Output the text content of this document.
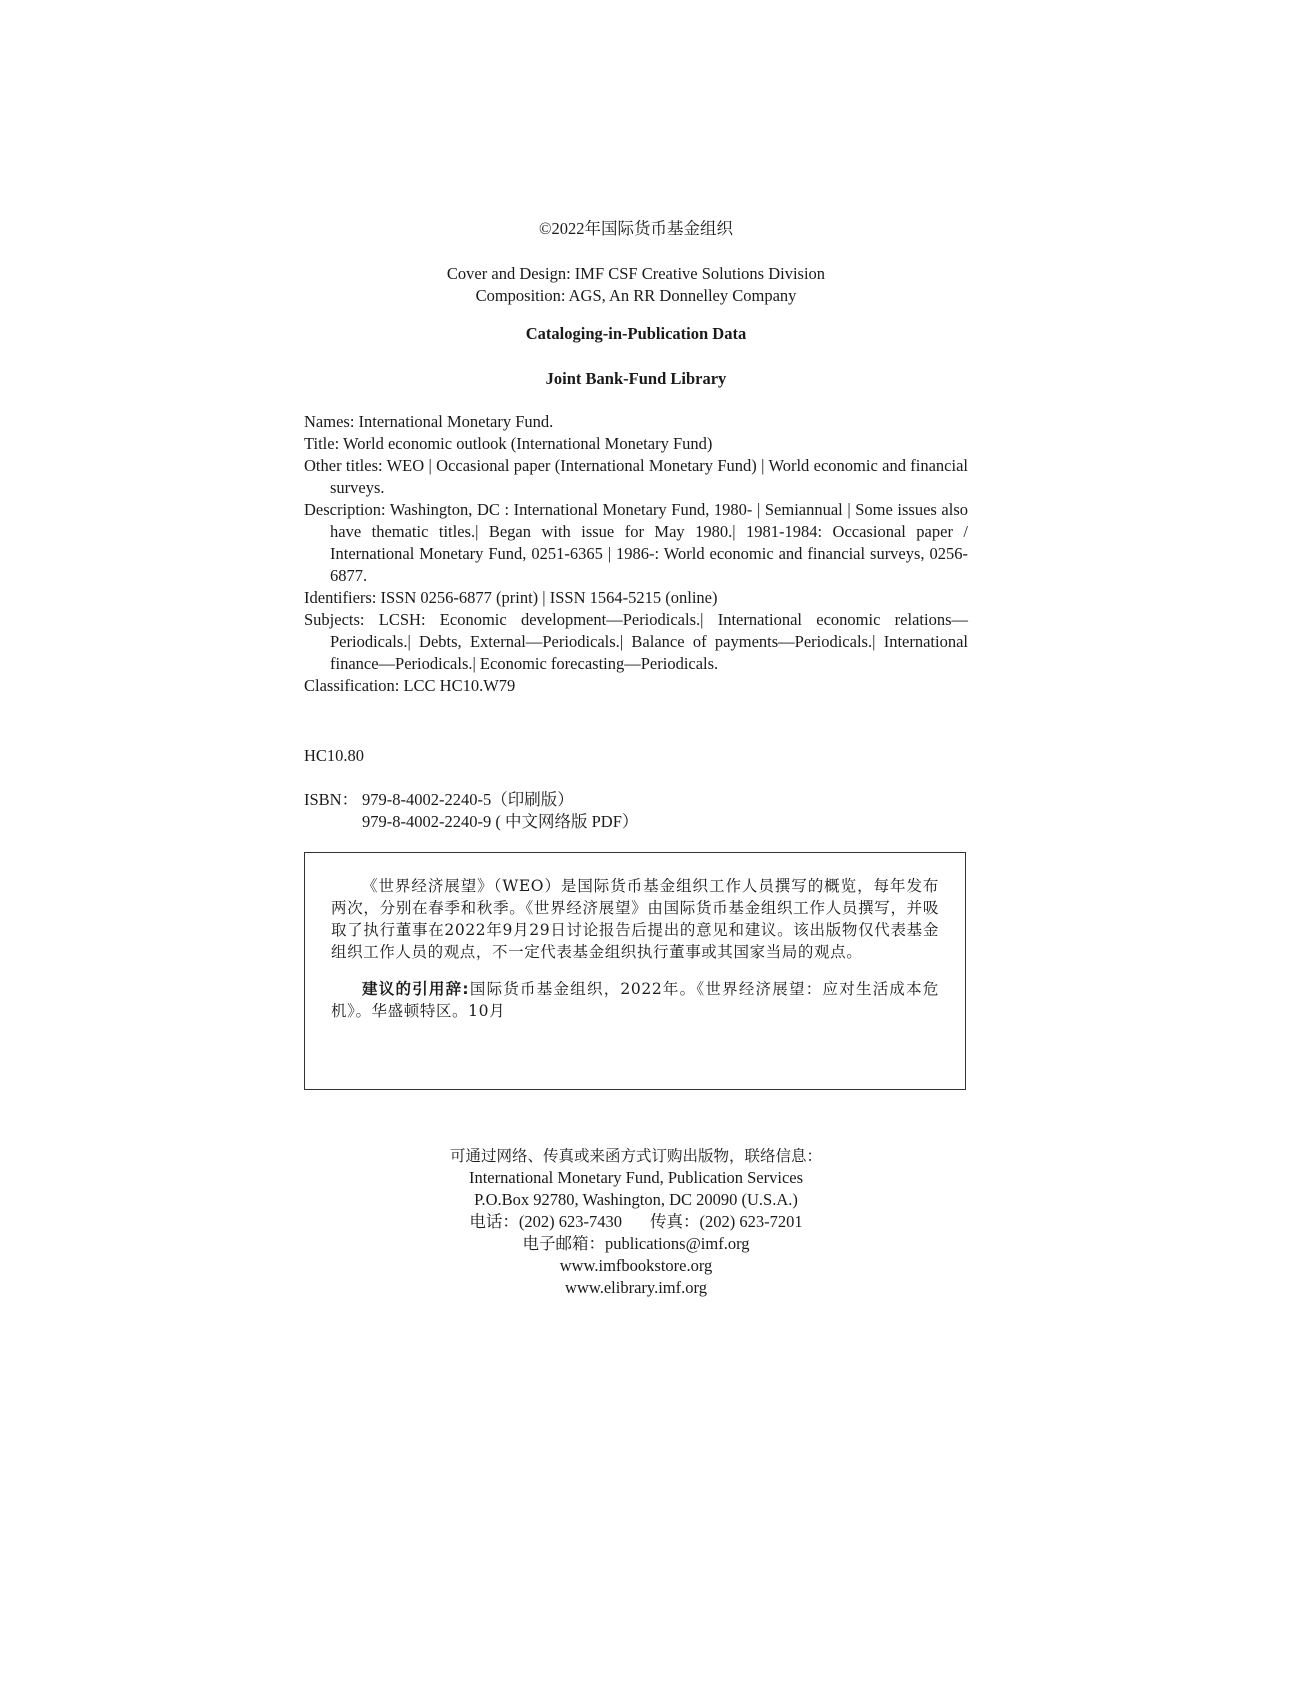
©2022年国际货币基金组织
Cover and Design: IMF CSF Creative Solutions Division
Composition: AGS, An RR Donnelley Company
Cataloging-in-Publication Data
Joint Bank-Fund Library
Names: International Monetary Fund.
Title: World economic outlook (International Monetary Fund)
Other titles: WEO | Occasional paper (International Monetary Fund) | World economic and financial surveys.
Description: Washington, DC : International Monetary Fund, 1980- | Semiannual | Some issues also have thematic titles.| Began with issue for May 1980.| 1981-1984: Occasional paper / International Monetary Fund, 0251-6365 | 1986-: World economic and financial surveys, 0256-6877.
Identifiers: ISSN 0256-6877 (print) | ISSN 1564-5215 (online)
Subjects: LCSH: Economic development—Periodicals.| International economic relations—Periodicals.| Debts, External—Periodicals.| Balance of payments—Periodicals.| International finance—Periodicals.| Economic forecasting—Periodicals.
Classification: LCC HC10.W79
HC10.80
ISBN： 979-8-4002-2240-5（印刷版）
979-8-4002-2240-9 ( 中文网络版 PDF）

《世界经济展望》（WEO）是国际货币基金组织工作人员撰写的概览，每年发布两次，分别在春季和秋季。《世界经济展望》由国际货币基金组织工作人员撰写，并吸取了执行董事在2022年9月29日讨论报告后提出的意见和建议。该出版物仅代表基金组织工作人员的观点，不一定代表基金组织执行董事或其国家当局的观点。

建议的引用辞:国际货币基金组织，2022年。《世界经济展望：应对生活成本危机》。华盛顿特区。10月

可通过网络、传真或来函方式订购出版物，联络信息：
International Monetary Fund, Publication Services
P.O.Box 92780, Washington, DC 20090 (U.S.A.)
电话：(202) 623-7430 传真：(202) 623-7201
电子邮箱：publications@imf.org
www.imfbookstore.org
www.elibrary.imf.org
